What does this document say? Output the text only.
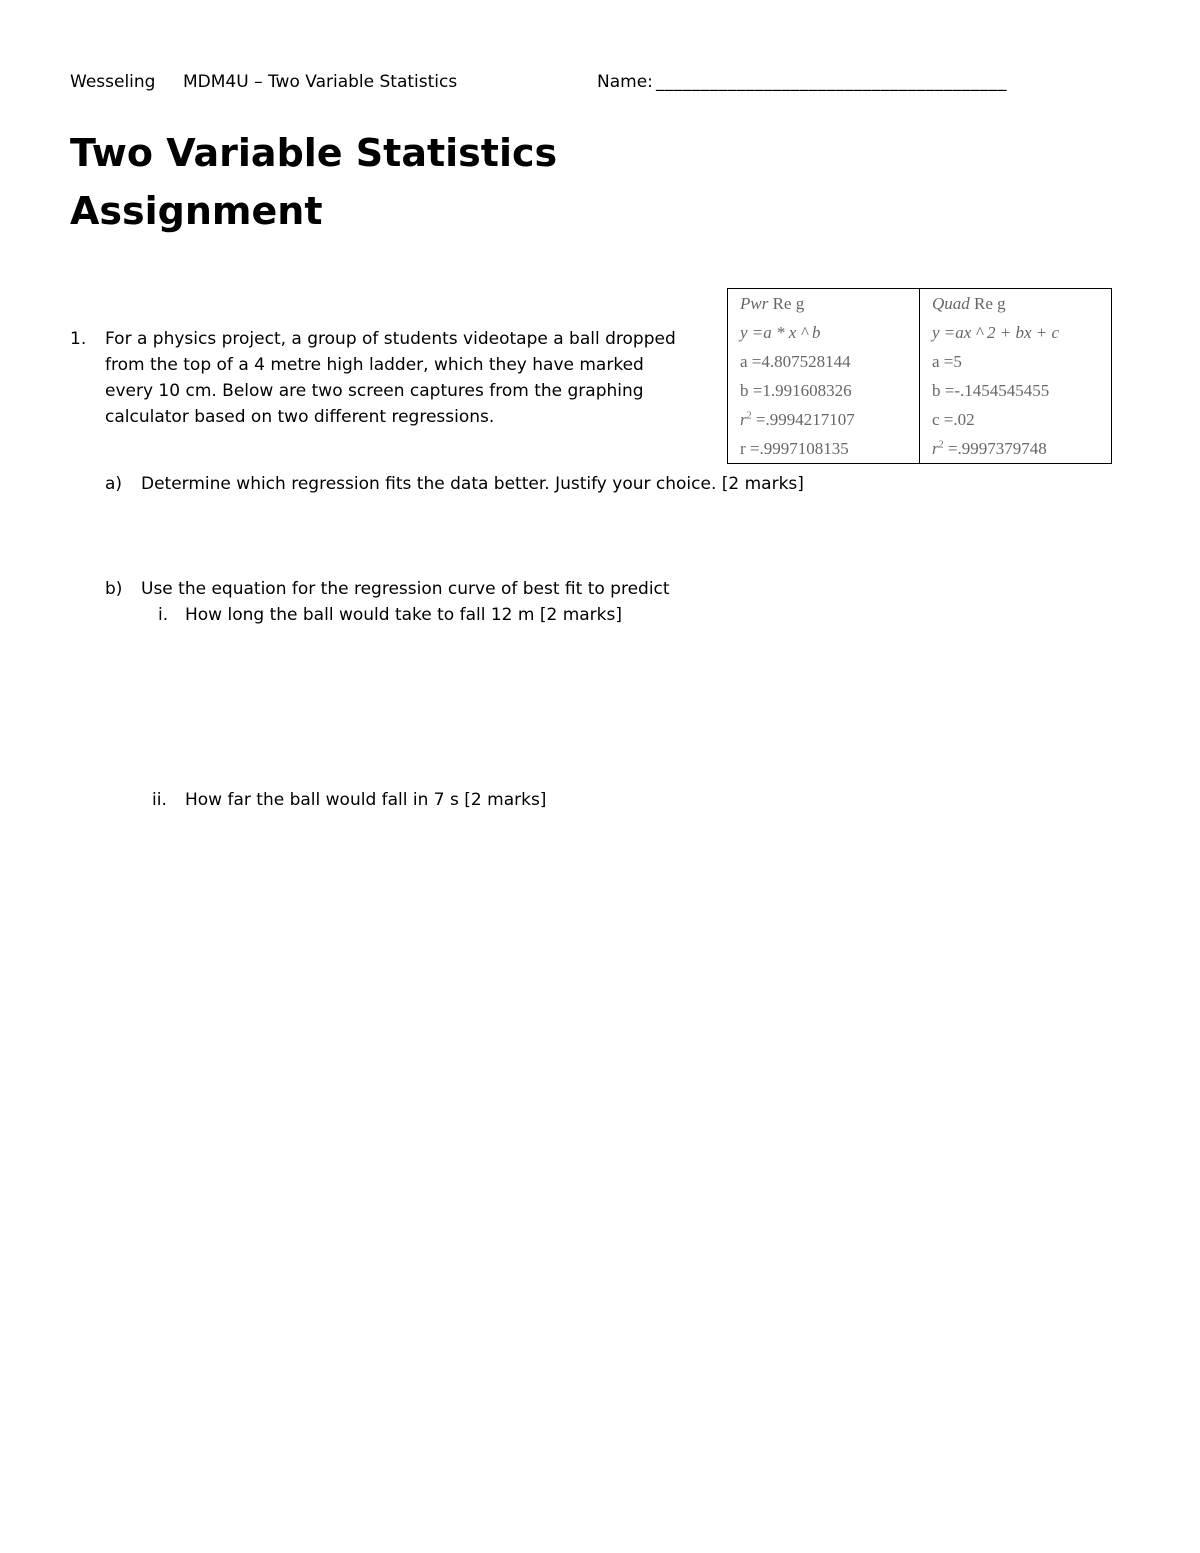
Wesseling MDM4U – Two Variable Statistics	Name: _______________________________________
Two Variable Statistics
Assignment
Pwr Re g	Quad Re g
y =a * x ^ b	y =ax ^ 2 + bx + c
a =4.807528144	a =5
b =1.991608326	b =-.1454545455
$r^2 =.9994217107$	c =.02
r =.9997108135	$r^2 =.9997379748$
1. For a physics project, a group of students videotape a ball dropped
from the top of a 4 metre high ladder, which they have marked
every 10 cm. Below are two screen captures from the graphing
calculator based on two different regressions.
a) Determine which regression fits the data better. Justify your choice. [2 marks]
b) Use the equation for the regression curve of best fit to predict
i. How long the ball would take to fall 12 m [2 marks]
ii. How far the ball would fall in 7 s [2 marks]
